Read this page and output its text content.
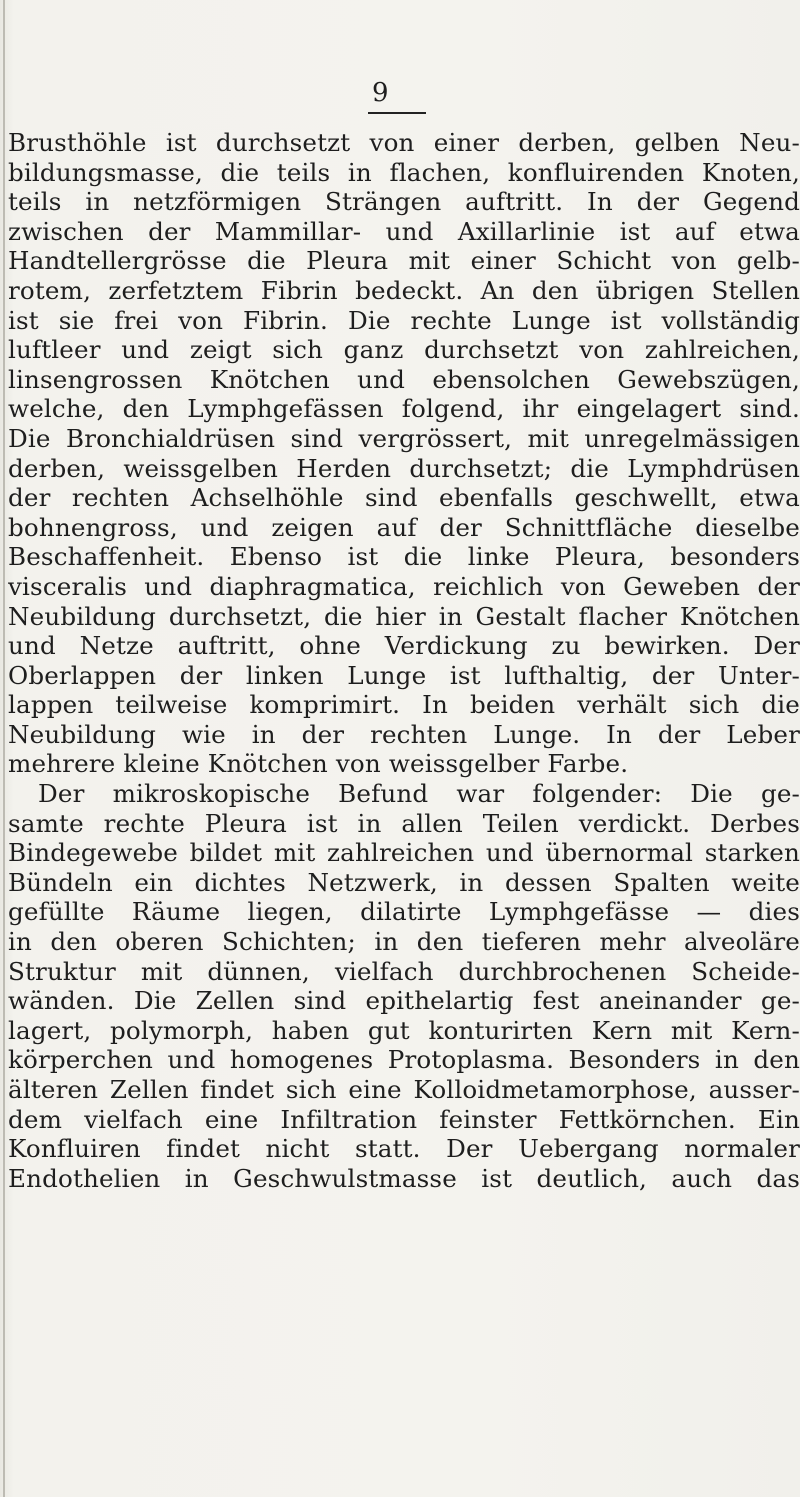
9
Brusthöhle ist durchsetzt von einer derben, gelben Neu-
bildungsmasse, die teils in flachen, konfluirenden Knoten,
teils in netzförmigen Strängen auftritt. In der Gegend
zwischen der Mammillar- und Axillarlinie ist auf etwa
Handtellergrösse die Pleura mit einer Schicht von gelb-
rotem, zerfetztem Fibrin bedeckt. An den übrigen Stellen
ist sie frei von Fibrin. Die rechte Lunge ist vollständig
luftleer und zeigt sich ganz durchsetzt von zahlreichen,
linsengrossen Knötchen und ebensolchen Gewebszügen,
welche, den Lymphgefässen folgend, ihr eingelagert sind.
Die Bronchialdrüsen sind vergrössert, mit unregelmässigen
derben, weissgelben Herden durchsetzt; die Lymphdrüsen
der rechten Achselhöhle sind ebenfalls geschwellt, etwa
bohnengross, und zeigen auf der Schnittfläche dieselbe
Beschaffenheit. Ebenso ist die linke Pleura, besonders
visceralis und diaphragmatica, reichlich von Geweben der
Neubildung durchsetzt, die hier in Gestalt flacher Knötchen
und Netze auftritt, ohne Verdickung zu bewirken. Der
Oberlappen der linken Lunge ist lufthaltig, der Unter-
lappen teilweise komprimirt. In beiden verhält sich die
Neubildung wie in der rechten Lunge. In der Leber
mehrere kleine Knötchen von weissgelber Farbe.
Der mikroskopische Befund war folgender: Die ge-
samte rechte Pleura ist in allen Teilen verdickt. Derbes
Bindegewebe bildet mit zahlreichen und übernormal starken
Bündeln ein dichtes Netzwerk, in dessen Spalten weite
gefüllte Räume liegen, dilatirte Lymphgefässe — dies
in den oberen Schichten; in den tieferen mehr alveoläre
Struktur mit dünnen, vielfach durchbrochenen Scheide-
wänden. Die Zellen sind epithelartig fest aneinander ge-
lagert, polymorph, haben gut konturirten Kern mit Kern-
körperchen und homogenes Protoplasma. Besonders in den
älteren Zellen findet sich eine Kolloidmetamorphose, ausser-
dem vielfach eine Infiltration feinster Fettkörnchen. Ein
Konfluiren findet nicht statt. Der Uebergang normaler
Endothelien in Geschwulstmasse ist deutlich, auch das
